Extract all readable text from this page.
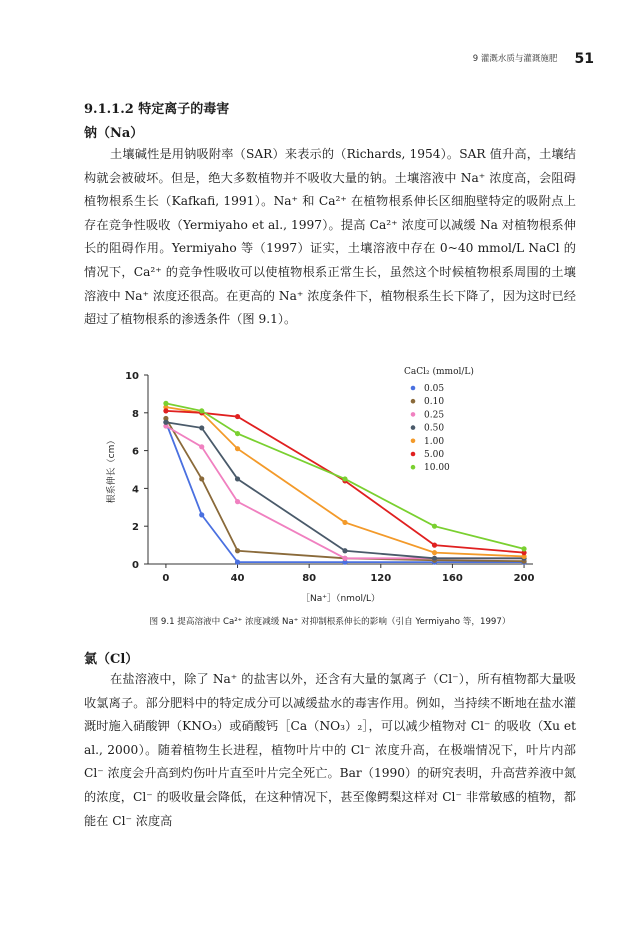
9 灌溉水质与灌溉施肥 51
9.1.1.2 特定离子的毒害
钠（Na）

土壤碱性是用钠吸附率（SAR）来表示的（Richards, 1954）。SAR 值升高，土壤结构就会被破坏。但是，绝大多数植物并不吸收大量的钠。土壤溶液中 Na⁺ 浓度高，会阻碍植物根系生长（Kafkafi, 1991）。Na⁺ 和 Ca²⁺ 在植物根系伸长区细胞壁特定的吸附点上存在竞争性吸收（Yermiyaho et al., 1997）。提高 Ca²⁺ 浓度可以减缓 Na 对植物根系伸长的阻碍作用。Yermiyaho 等（1997）证实，土壤溶液中存在 0~40 mmol/L NaCl 的情况下，Ca²⁺ 的竞争性吸收可以使植物根系正常生长，虽然这个时候植物根系周围的土壤溶液中 Na⁺ 浓度还很高。在更高的 Na⁺ 浓度条件下，植物根系生长下降了，因为这时已经超过了植物根系的渗透条件（图 9.1）。

0	40	80	120	160	200
0
2
4
6
8
10
［Na⁺］（nmol/L）
根系伸长（cm）
CaCl₂ (mmol/L)
0.05
0.10
0.25
0.50
1.00
5.00
10.00
图 9.1 提高溶液中 Ca²⁺ 浓度减缓 Na⁺ 对抑制根系伸长的影响（引自 Yermiyaho 等，1997）
氯（Cl）

在盐溶液中，除了 Na⁺ 的盐害以外，还含有大量的氯离子（Cl⁻），所有植物都大量吸收氯离子。部分肥料中的特定成分可以减缓盐水的毒害作用。例如，当持续不断地在盐水灌溉时施入硝酸钾（KNO₃）或硝酸钙［Ca（NO₃）₂］，可以减少植物对 Cl⁻ 的吸收（Xu et al., 2000）。随着植物生长进程，植物叶片中的 Cl⁻ 浓度升高，在极端情况下，叶片内部 Cl⁻ 浓度会升高到灼伤叶片直至叶片完全死亡。Bar（1990）的研究表明，升高营养液中氮的浓度，Cl⁻ 的吸收量会降低，在这种情况下，甚至像鳄梨这样对 Cl⁻ 非常敏感的植物，都能在 Cl⁻ 浓度高
